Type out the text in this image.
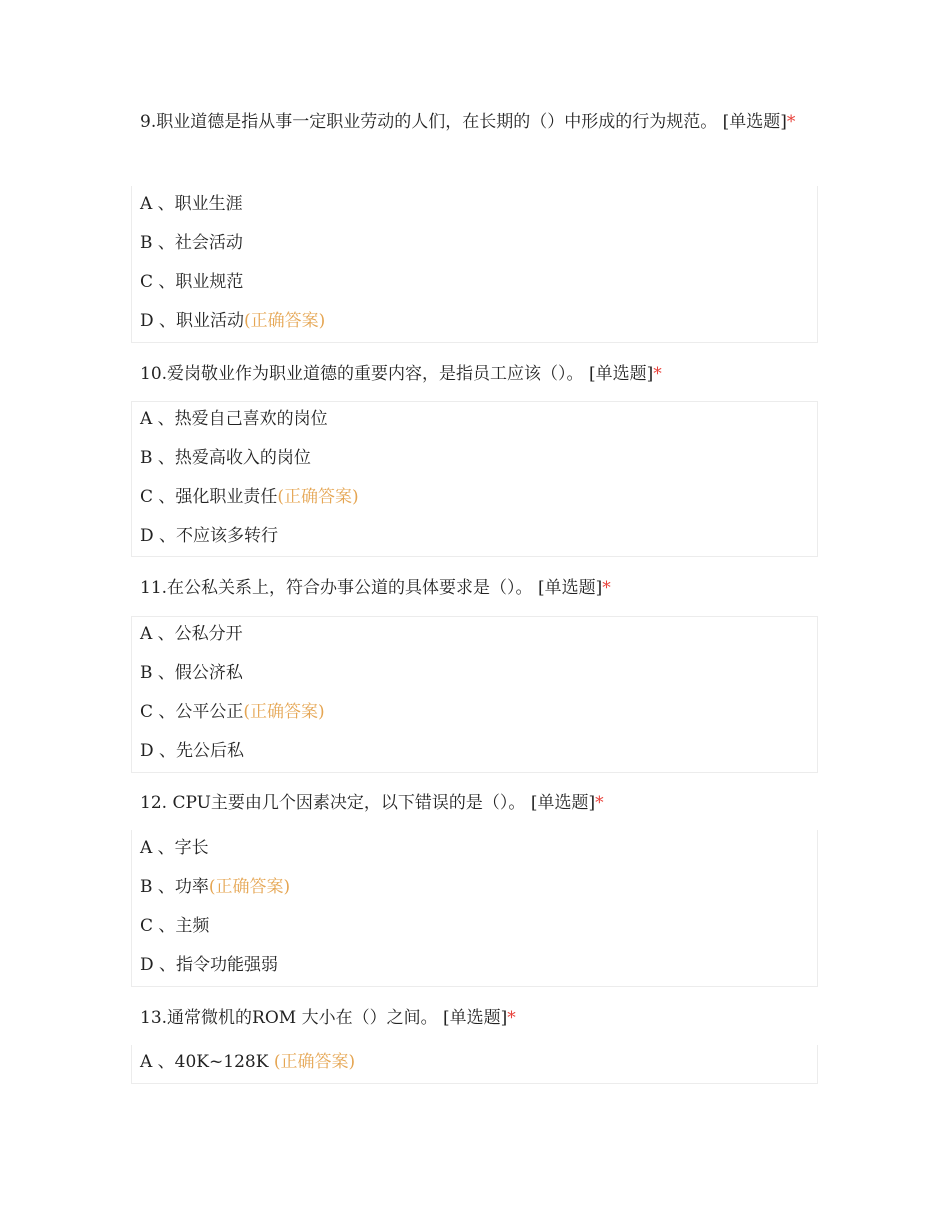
9.职业道德是指从事一定职业劳动的人们，在长期的（）中形成的行为规范。 [单选题]*
A 、职业生涯
B 、社会活动
C 、职业规范
D 、职业活动(正确答案)
10.爱岗敬业作为职业道德的重要内容，是指员工应该（）。 [单选题]*
A 、热爱自己喜欢的岗位
B 、热爱高收入的岗位
C 、强化职业责任(正确答案)
D 、不应该多转行
11.在公私关系上，符合办事公道的具体要求是（）。 [单选题]*
A 、公私分开
B 、假公济私
C 、公平公正(正确答案)
D 、先公后私
12. CPU主要由几个因素决定，以下错误的是（）。 [单选题]*
A 、字长
B 、功率(正确答案)
C 、主频
D 、指令功能强弱
13.通常微机的ROM 大小在（）之间。 [单选题]*
A 、40K~128K (正确答案)
